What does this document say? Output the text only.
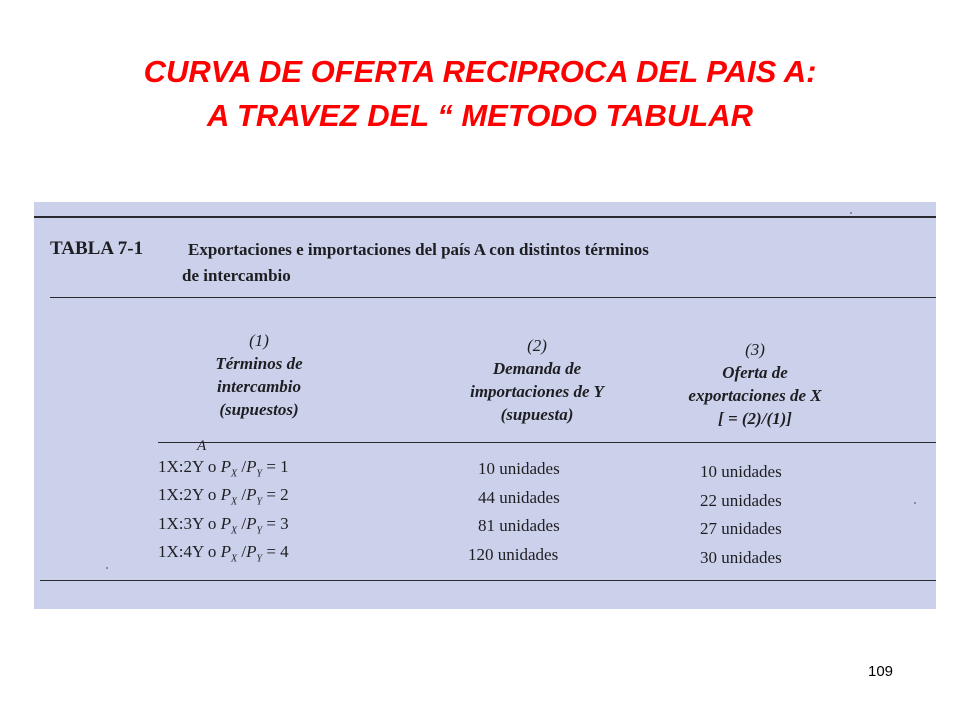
CURVA DE OFERTA RECIPROCA DEL PAIS A:
A TRAVEZ DEL “ METODO TABULAR
TABLA 7-1	Exportaciones e importaciones del país A con distintos términos
de intercambio
(1)
Términos de
intercambio
(supuestos)
(2)
Demanda de
importaciones de Y
(supuesta)
(3)
Oferta de
exportaciones de X
[ = (2)/(1)]
A
1X:2Y o $P_X$ $/P_Y = 1$	10 unidades	10 unidades
1X:2Y o $P_X$ $/P_Y = 2$	44 unidades	22 unidades
1X:3Y o $P_X$ $/P_Y = 3$	81 unidades	27 unidades
1X:4Y o $P_X$ $/P_Y = 4$	120 unidades	30 unidades
109
